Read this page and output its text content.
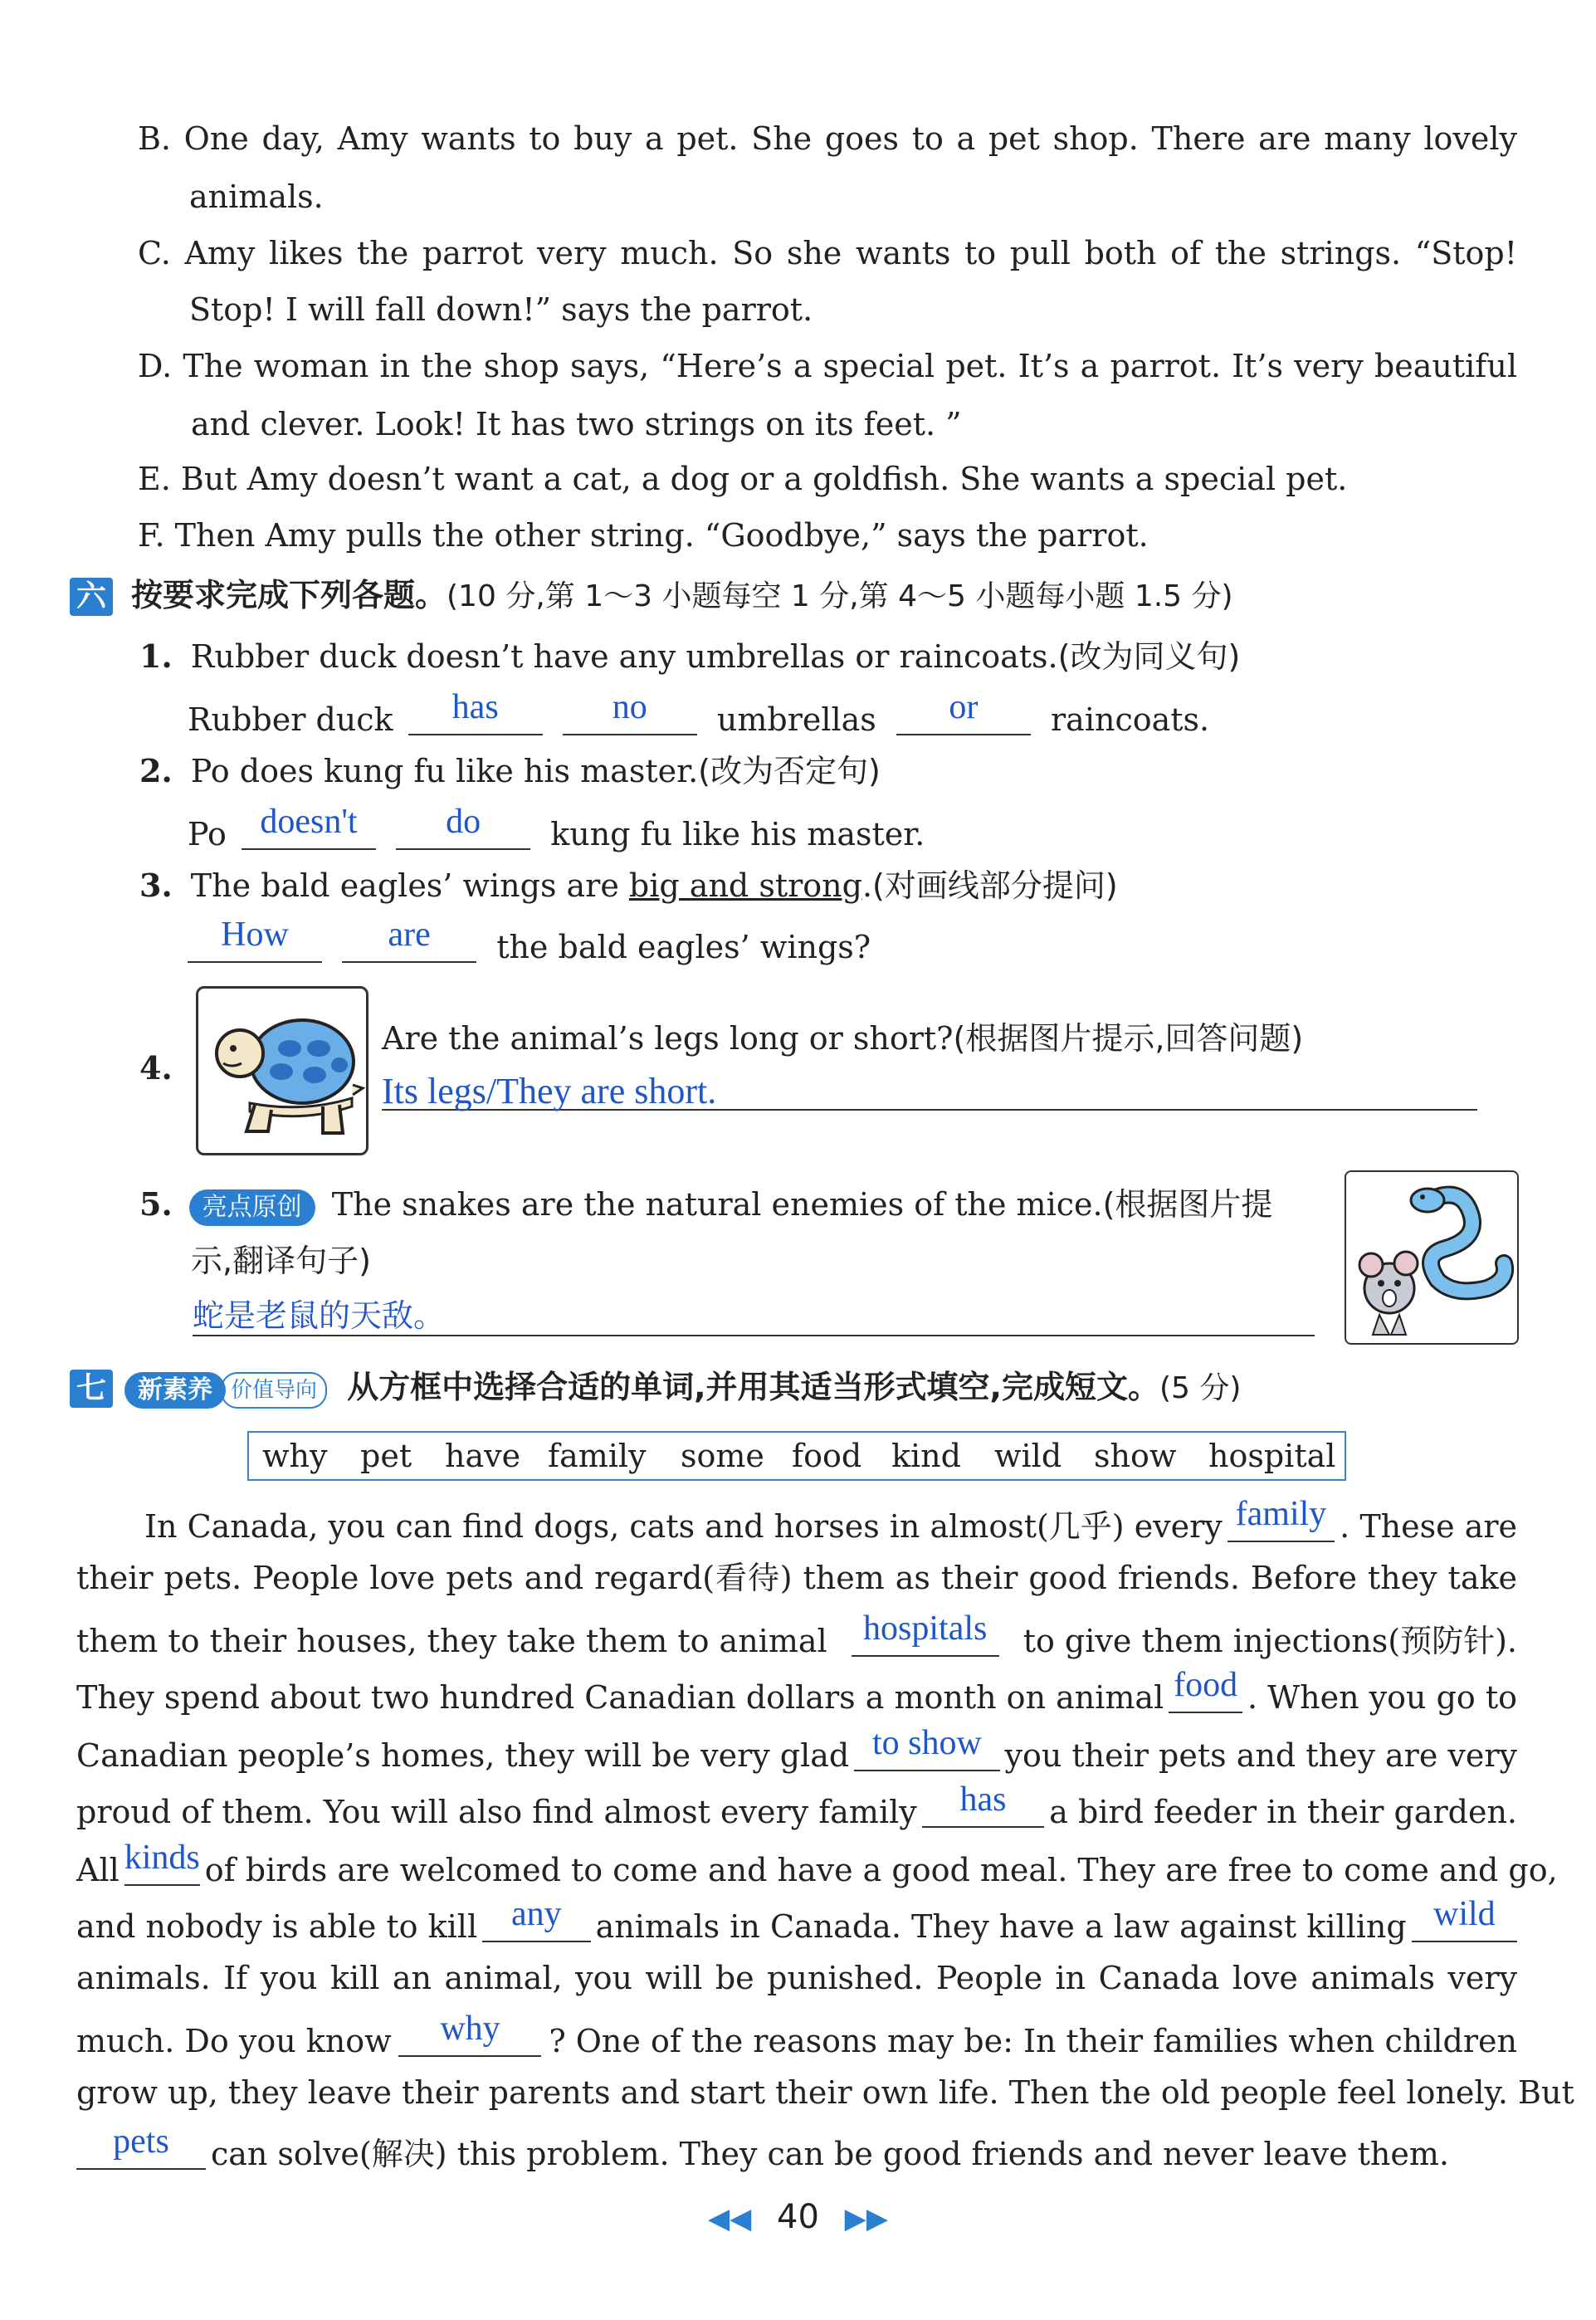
B. One day, Amy wants to buy a pet. She goes to a pet shop. There are many lovely
animals.
C. Amy likes the parrot very much. So she wants to pull both of the strings. “Stop!
Stop! I will fall down!” says the parrot.
D. The woman in the shop says, “Here’s a special pet. It’s a parrot. It’s very beautiful
and clever. Look! It has two strings on its feet. ”
E. But Amy doesn’t want a cat, a dog or a goldfish. She wants a special pet.
F. Then Amy pulls the other string. “Goodbye,” says the parrot.
六 按要求完成下列各题。(10 分,第 1～3 小题每空 1 分,第 4～5 小题每小题 1.5 分)
1. Rubber duck doesn’t have any umbrellas or raincoats.(改为同义句)
Rubber duck has	no umbrellas or raincoats.
2. Po does kung fu like his master.(改为否定句)
Po doesn't	do kung fu like his master.
3. The bald eagles’ wings are big and strong.(对画线部分提问)
How	are the bald eagles’ wings?
4.
Are the animal’s legs long or short?(根据图片提示,回答问题)
Its legs/They are short.
5. 亮点原创 The snakes are the natural enemies of the mice.(根据图片提
示,翻译句子)
蛇是老鼠的天敌。
七 新素养 价值导向 从方框中选择合适的单词,并用其适当形式填空,完成短文。(5 分)
why pet have family some food kind wild show hospital
In Canada, you can find dogs, cats and horses in almost(几乎) every family . These are
their pets. People love pets and regard(看待) them as their good friends. Before they take
them to their houses, they take them to animal	hospitals	to give them injections(预防针).
They spend about two hundred Canadian dollars a month on animal food . When you go to
Canadian people’s homes, they will be very glad to show you their pets and they are very
proud of them. You will also find almost every family	has	a bird feeder in their garden.
All kinds of birds are welcomed to come and have a good meal. They are free to come and go,
and nobody is able to kill any	animals in Canada. They have a law against killing wild
animals. If you kill an animal, you will be punished. People in Canada love animals very
much. Do you know	why	? One of the reasons may be: In their families when children
grow up, they leave their parents and start their own life. Then the old people feel lonely. But
pets	can solve(解决) this problem. They can be good friends and never leave them.
◀◀ 40 ▶▶
